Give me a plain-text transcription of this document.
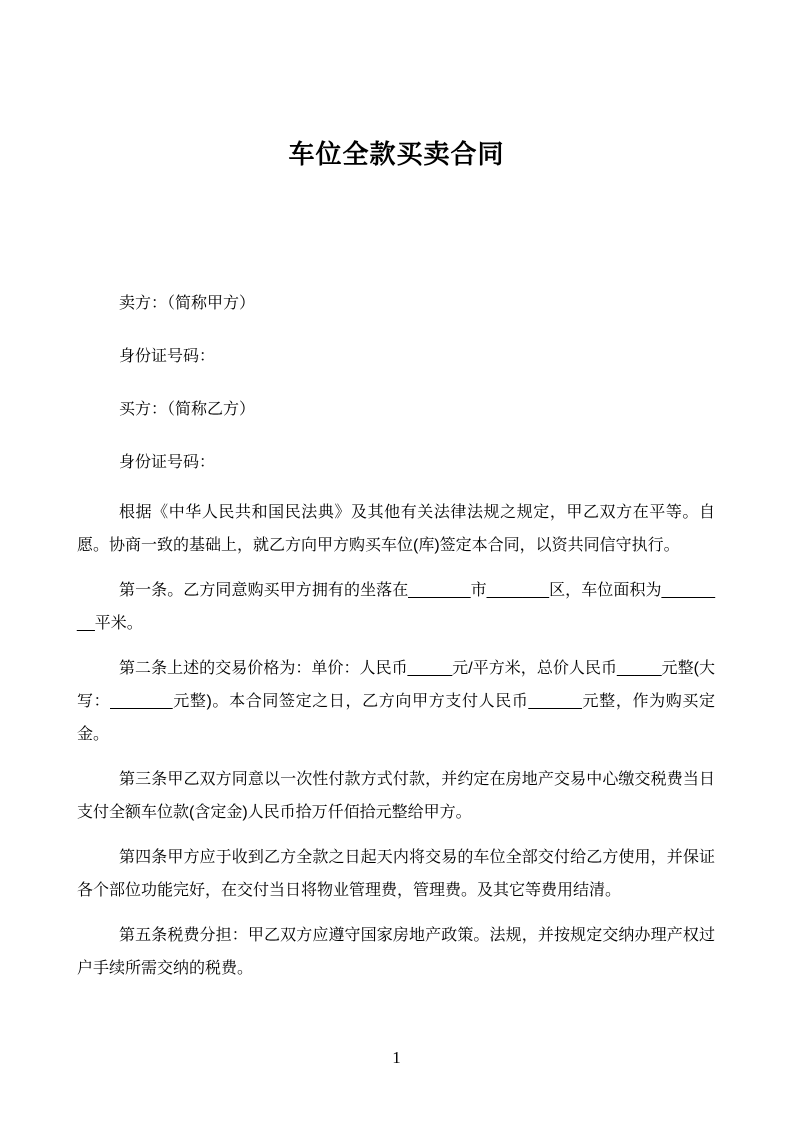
车位全款买卖合同

卖方：（简称甲方）

身份证号码：

买方：（简称乙方）

身份证号码：

根据《中华人民共和国民法典》及其他有关法律法规之规定，甲乙双方在平等。自愿。协商一致的基础上，就乙方向甲方购买车位(库)签定本合同，以资共同信守执行。

第一条。乙方同意购买甲方拥有的坐落在_______市_______区，车位面积为________平米。

第二条上述的交易价格为：单价：人民币_____元/平方米，总价人民币_____元整(大写：_______元整)。本合同签定之日，乙方向甲方支付人民币______元整，作为购买定金。

第三条甲乙双方同意以一次性付款方式付款，并约定在房地产交易中心缴交税费当日支付全额车位款(含定金)人民币拾万仟佰拾元整给甲方。

第四条甲方应于收到乙方全款之日起天内将交易的车位全部交付给乙方使用，并保证各个部位功能完好，在交付当日将物业管理费，管理费。及其它等费用结清。

第五条税费分担：甲乙双方应遵守国家房地产政策。法规，并按规定交纳办理产权过户手续所需交纳的税费。

1
